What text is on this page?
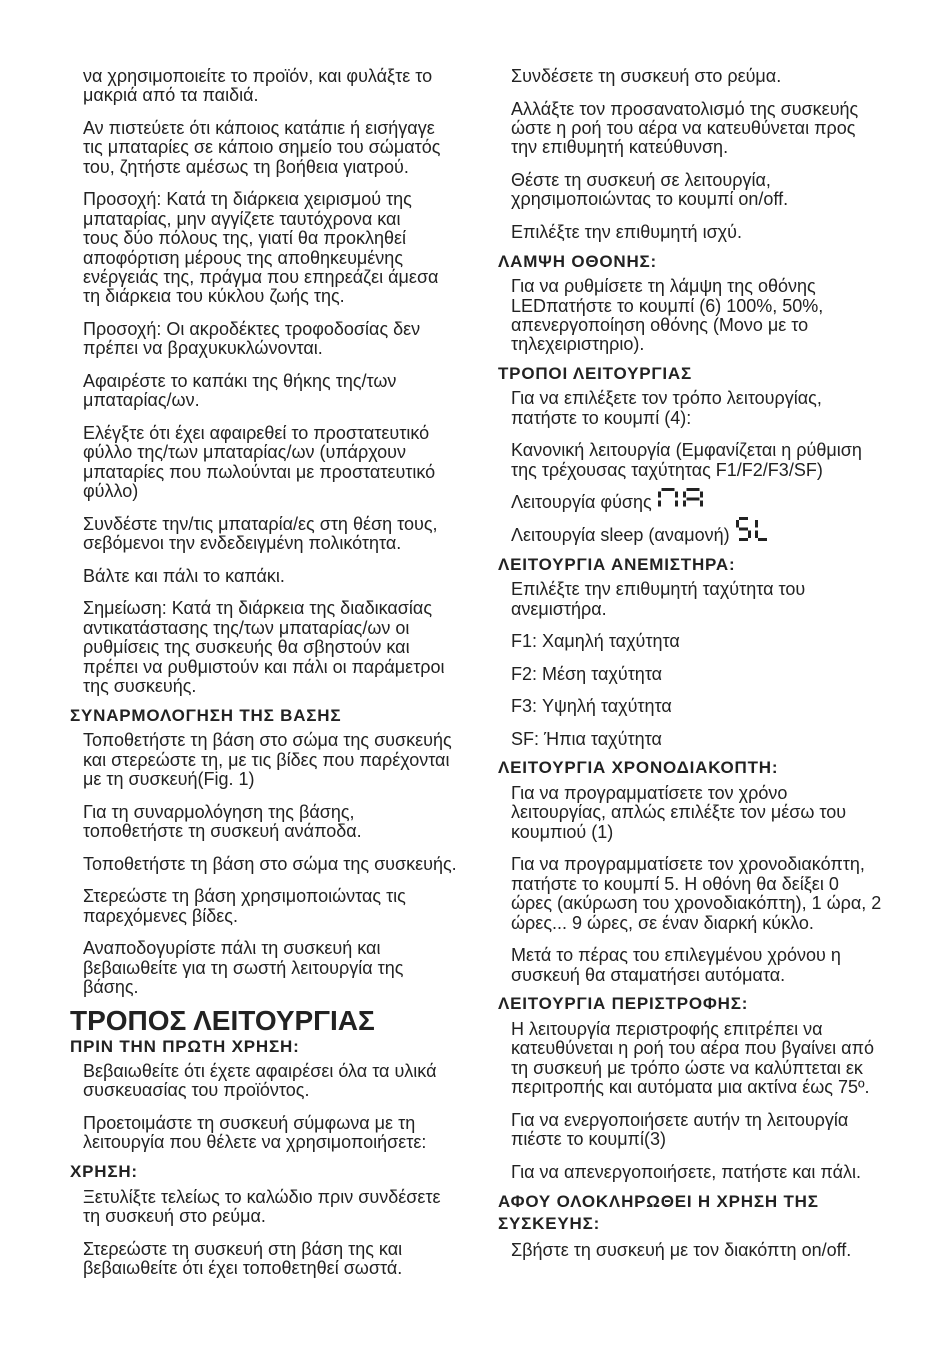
να χρησιμοποιείτε το προϊόν, και φυλάξτε το
μακριά από τα παιδιά.

Αν πιστεύετε ότι κάποιος κατάπιε ή εισήγαγε
τις μπαταρίες σε κάποιο σημείο του σώματός
του, ζητήστε αμέσως τη βοήθεια γιατρού.

Προσοχή: Κατά τη διάρκεια χειρισμού της
μπαταρίας, μην αγγίζετε ταυτόχρονα και
τους δύο πόλους της, γιατί θα προκληθεί
αποφόρτιση μέρους της αποθηκευμένης
ενέργειάς της, πράγμα που επηρεάζει άμεσα
τη διάρκεια του κύκλου ζωής της.

Προσοχή: Οι ακροδέκτες τροφοδοσίας δεν
πρέπει να βραχυκυκλώνονται.

Αφαιρέστε το καπάκι της θήκης της/των
μπαταρίας/ων.

Ελέγξτε ότι έχει αφαιρεθεί το προστατευτικό
φύλλο της/των μπαταρίας/ων (υπάρχουν
μπαταρίες που πωλούνται με προστατευτικό
φύλλο)

Συνδέστε την/τις μπαταρία/ες στη θέση τους,
σεβόμενοι την ενδεδειγμένη πολικότητα.

Βάλτε και πάλι το καπάκι.

Σημείωση: Κατά τη διάρκεια της διαδικασίας
αντικατάστασης της/των μπαταρίας/ων οι
ρυθμίσεις της συσκευής θα σβηστούν και
πρέπει να ρυθμιστούν και πάλι οι παράμετροι
της συσκευής.

ΣΥΝΑΡΜΟΛΟΓΗΣΗ ΤΗΣ ΒΑΣΗΣ

Τοποθετήστε τη βάση στο σώμα της συσκευής
και στερεώστε τη, με τις βίδες που παρέχονται
με τη συσκευή(Fig. 1)

Για τη συναρμολόγηση της βάσης,
τοποθετήστε τη συσκευή ανάποδα.

Τοποθετήστε τη βάση στο σώμα της συσκευής.

Στερεώστε τη βάση χρησιμοποιώντας τις
παρεχόμενες βίδες.

Αναποδογυρίστε πάλι τη συσκευή και
βεβαιωθείτε για τη σωστή λειτουργία της
βάσης.

ΤΡΟΠΟΣ ΛΕΙΤΟΥΡΓΙΑΣ
ΠΡΙΝ ΤΗΝ ΠΡΩΤΗ ΧΡΗΣΗ:

Βεβαιωθείτε ότι έχετε αφαιρέσει όλα τα υλικά
συσκευασίας του προϊόντος.

Προετοιμάστε τη συσκευή σύμφωνα με τη
λειτουργία που θέλετε να χρησιμοποιήσετε:

ΧΡΗΣΗ:

Ξετυλίξτε τελείως το καλώδιο πριν συνδέσετε
τη συσκευή στο ρεύμα.

Στερεώστε τη συσκευή στη βάση της και
βεβαιωθείτε ότι έχει τοποθετηθεί σωστά.

Συνδέσετε τη συσκευή στο ρεύμα.

Αλλάξτε τον προσανατολισμό της συσκευής
ώστε η ροή του αέρα να κατευθύνεται προς
την επιθυμητή κατεύθυνση.

Θέστε τη συσκευή σε λειτουργία,
χρησιμοποιώντας το κουμπί on/off.

Επιλέξτε την επιθυμητή ισχύ.

ΛΑΜΨΗ ΟΘΟΝΗΣ:

Για να ρυθμίσετε τη λάμψη της οθόνης
LEDπατήστε το κουμπί (6) 100%, 50%,
απενεργοποίηση οθόνης (Μονο με το
τηλεχειριστηριο).

ΤΡΟΠΟΙ ΛΕΙΤΟΥΡΓΙΑΣ

Για να επιλέξετε τον τρόπο λειτουργίας,
πατήστε το κουμπί (4):

Κανονική λειτουργία (Εμφανίζεται η ρύθμιση
της τρέχουσας ταχύτητας F1/F2/F3/SF)

Λειτουργία φύσης

Λειτουργία sleep (αναμονή)

ΛΕΙΤΟΥΡΓΙΑ ΑΝΕΜΙΣΤΗΡΑ:

Επιλέξτε την επιθυμητή ταχύτητα του
ανεμιστήρα.

F1: Χαμηλή ταχύτητα

F2: Μέση ταχύτητα

F3: Υψηλή ταχύτητα

SF: Ήπια ταχύτητα

ΛΕΙΤΟΥΡΓΙΑ ΧΡΟΝΟΔΙΑΚΟΠΤΗ:

Για να προγραμματίσετε τον χρόνο
λειτουργίας, απλώς επιλέξτε τον μέσω του
κουμπιού (1)

Για να προγραμματίσετε τον χρονοδιακόπτη,
πατήστε το κουμπί 5. Η οθόνη θα δείξει 0
ώρες (ακύρωση του χρονοδιακόπτη), 1 ώρα, 2
ώρες... 9 ώρες, σε έναν διαρκή κύκλο.

Μετά το πέρας του επιλεγμένου χρόνου η
συσκευή θα σταματήσει αυτόματα.

ΛΕΙΤΟΥΡΓΙΑ ΠΕΡΙΣΤΡΟΦΗΣ:

Η λειτουργία περιστροφής επιτρέπει να
κατευθύνεται η ροή του αέρα που βγαίνει από
τη συσκευή με τρόπο ώστε να καλύπτεται εκ
περιτροπής και αυτόματα μια ακτίνα έως 75º.

Για να ενεργοποιήσετε αυτήν τη λειτουργία
πιέστε το κουμπί(3)

Για να απενεργοποιήσετε, πατήστε και πάλι.

ΑΦΟΥ ΟΛΟΚΛΗΡΩΘΕΙ Η ΧΡΗΣΗ ΤΗΣ
ΣΥΣΚΕΥΗΣ:

Σβήστε τη συσκευή με τον διακόπτη on/off.
